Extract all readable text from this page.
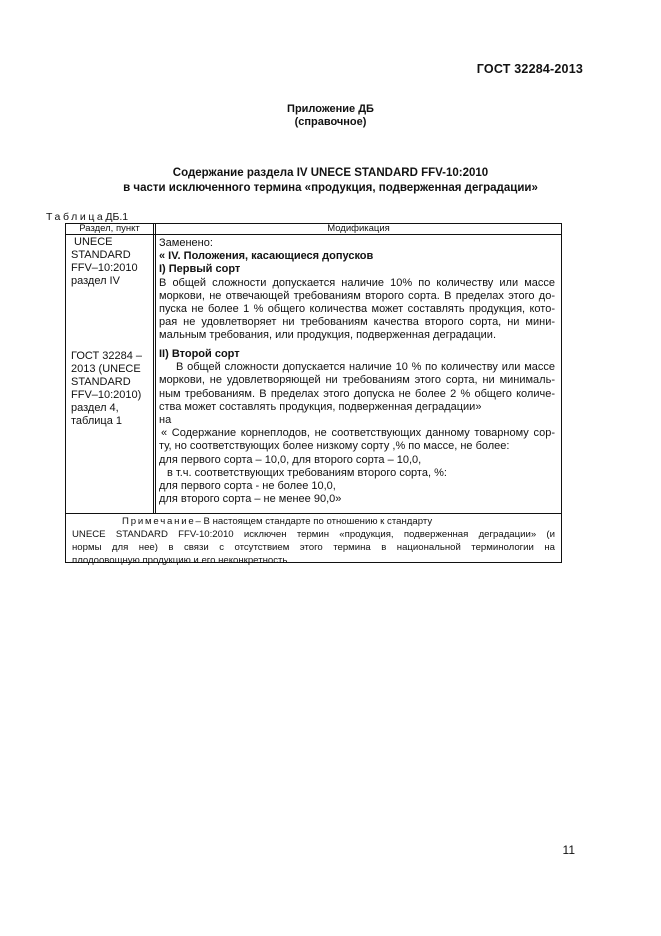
ГОСТ 32284-2013
Приложение ДБ
(справочное)
Содержание раздела IV UNECE STANDARD FFV-10:2010
в части исключенного термина «продукция, подверженная деградации»
ТаблицаДБ.1
Раздел, пункт	Модификация
UNECE
STANDARD
FFV–10:2010
раздел IV
ГОСТ 32284 –
2013 (UNECE
STANDARD
FFV–10:2010)
раздел 4,
таблица 1
Заменено:
« IV. Положения, касающиеся допусков
I) Первый сорт
В общей сложности допускается наличие 10% по количеству или массе
моркови, не отвечающей требованиям второго сорта. В пределах этого до-
пуска не более 1 % общего количества может составлять продукция, кото-
рая не удовлетворяет ни требованиям качества второго сорта, ни мини-
мальным требования, или продукция, подверженная деградации.
II) Второй сорт
В общей сложности допускается наличие 10 % по количеству или массе
моркови, не удовлетворяющей ни требованиям этого сорта, ни минималь-
ным требованиям. В пределах этого допуска не более 2 % общего количе-
ства может составлять продукция, подверженная деградации»
на
« Содержание корнеплодов, не соответствующих данному товарному сор-
ту, но соответствующих более низкому сорту ,% по массе, не более:
для первого сорта – 10,0, для второго сорта – 10,0,
в т.ч. соответствующих требованиям второго сорта, %:
для первого сорта - не более 10,0,
для второго сорта – не менее 90,0»
Примечание– В настоящем стандарте по отношению к стандарту
UNECE STANDARD FFV-10:2010 исключен термин «продукция, подверженная деградации» (и
нормы для нее) в связи с отсутствием этого термина в национальной терминологии на
плодоовощную продукцию и его неконкретность.
11
